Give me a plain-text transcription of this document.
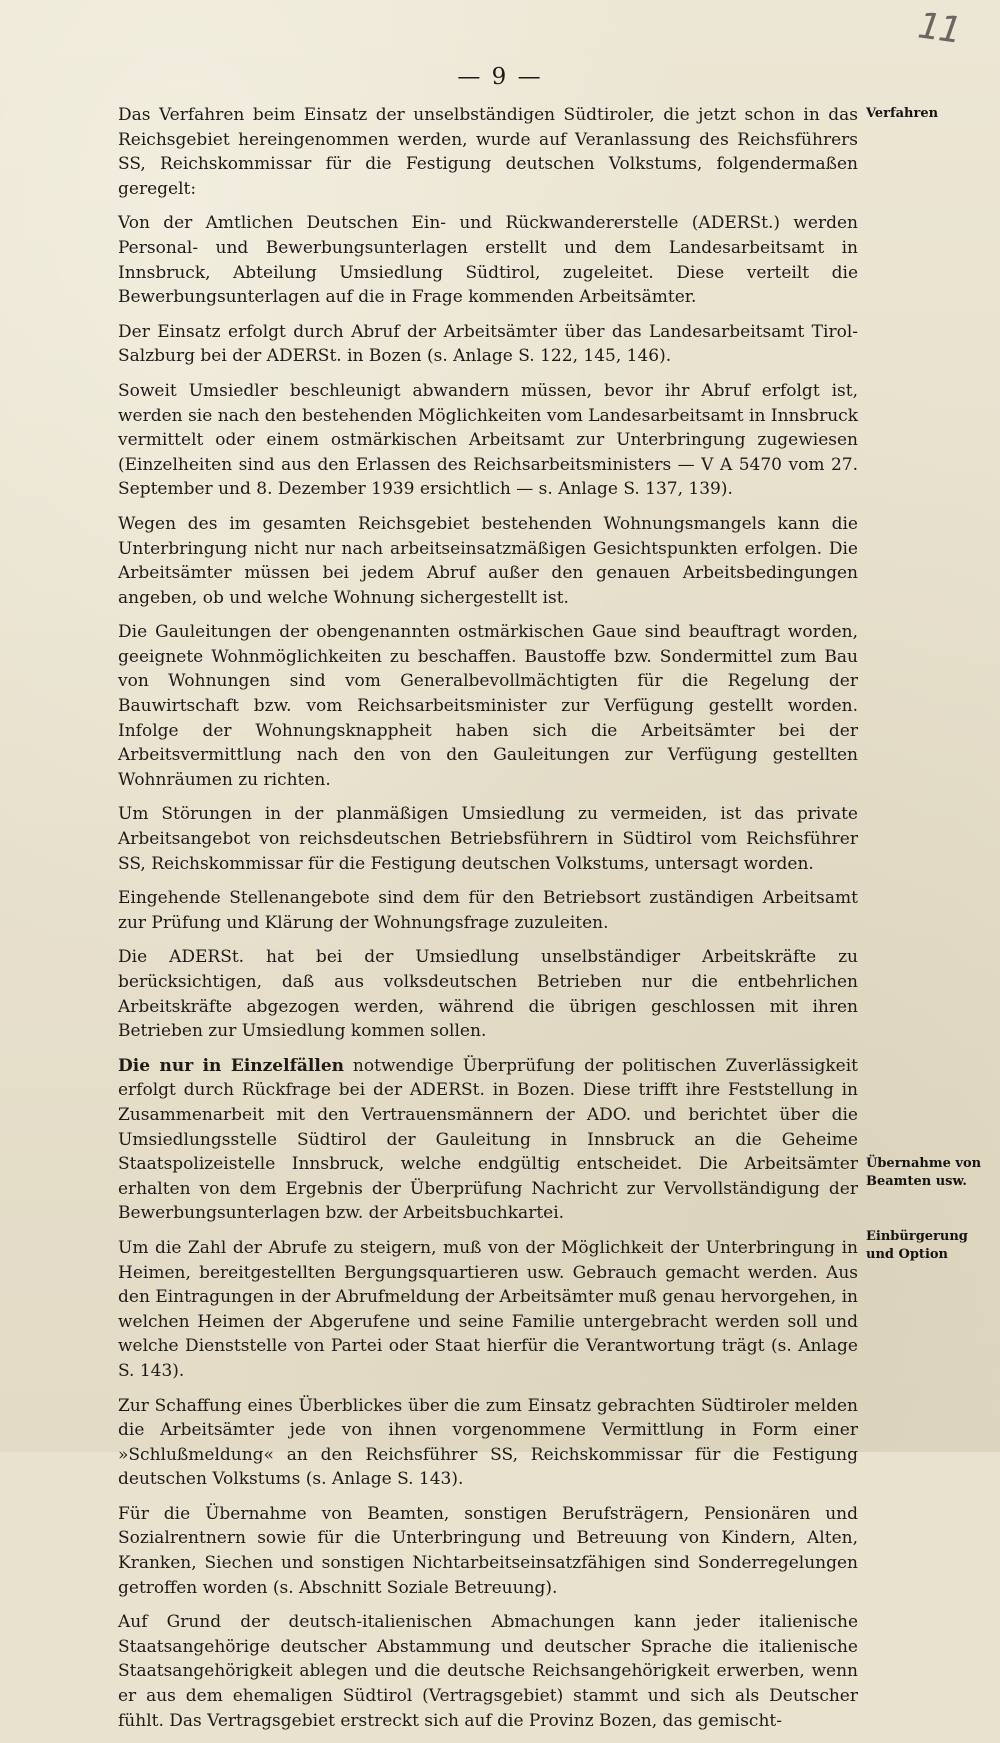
11
— 9 —

Das Verfahren beim Einsatz der unselbständigen Südtiroler, die jetzt schon in das Reichsgebiet hereingenommen werden, wurde auf Veranlassung des Reichsführers SS, Reichskommissar für die Festigung deutschen Volkstums, folgendermaßen geregelt:

Von der Amtlichen Deutschen Ein- und Rückwandererstelle (ADERSt.) werden Personal- und Bewerbungsunterlagen erstellt und dem Landesarbeitsamt in Innsbruck, Abteilung Umsiedlung Südtirol, zugeleitet. Diese verteilt die Bewerbungsunterlagen auf die in Frage kommenden Arbeitsämter.

Der Einsatz erfolgt durch Abruf der Arbeitsämter über das Landesarbeitsamt Tirol-Salzburg bei der ADERSt. in Bozen (s. Anlage S. 122, 145, 146).

Soweit Umsiedler beschleunigt abwandern müssen, bevor ihr Abruf erfolgt ist, werden sie nach den bestehenden Möglichkeiten vom Landesarbeitsamt in Innsbruck vermittelt oder einem ostmärkischen Arbeitsamt zur Unterbringung zugewiesen (Einzelheiten sind aus den Erlassen des Reichsarbeitsministers — V A 5470 vom 27. September und 8. Dezember 1939 ersichtlich — s. Anlage S. 137, 139).

Wegen des im gesamten Reichsgebiet bestehenden Wohnungsmangels kann die Unterbringung nicht nur nach arbeitseinsatzmäßigen Gesichtspunkten erfolgen. Die Arbeitsämter müssen bei jedem Abruf außer den genauen Arbeitsbedingungen angeben, ob und welche Wohnung sichergestellt ist.

Die Gauleitungen der obengenannten ostmärkischen Gaue sind beauftragt worden, geeignete Wohnmöglichkeiten zu beschaffen. Baustoffe bzw. Sondermittel zum Bau von Wohnungen sind vom Generalbevollmächtigten für die Regelung der Bauwirtschaft bzw. vom Reichsarbeitsminister zur Verfügung gestellt worden. Infolge der Wohnungsknappheit haben sich die Arbeitsämter bei der Arbeitsvermittlung nach den von den Gauleitungen zur Verfügung gestellten Wohnräumen zu richten.

Um Störungen in der planmäßigen Umsiedlung zu vermeiden, ist das private Arbeitsangebot von reichsdeutschen Betriebsführern in Südtirol vom Reichsführer SS, Reichskommissar für die Festigung deutschen Volkstums, untersagt worden.

Eingehende Stellenangebote sind dem für den Betriebsort zuständigen Arbeitsamt zur Prüfung und Klärung der Wohnungsfrage zuzuleiten.

Die ADERSt. hat bei der Umsiedlung unselbständiger Arbeitskräfte zu berücksichtigen, daß aus volksdeutschen Betrieben nur die entbehrlichen Arbeitskräfte abgezogen werden, während die übrigen geschlossen mit ihren Betrieben zur Umsiedlung kommen sollen.

Die nur in Einzelfällen notwendige Überprüfung der politischen Zuverlässigkeit erfolgt durch Rückfrage bei der ADERSt. in Bozen. Diese trifft ihre Feststellung in Zusammenarbeit mit den Vertrauensmännern der ADO. und berichtet über die Umsiedlungsstelle Südtirol der Gauleitung in Innsbruck an die Geheime Staatspolizeistelle Innsbruck, welche endgültig entscheidet. Die Arbeitsämter erhalten von dem Ergebnis der Überprüfung Nachricht zur Vervollständigung der Bewerbungsunterlagen bzw. der Arbeitsbuchkartei.

Um die Zahl der Abrufe zu steigern, muß von der Möglichkeit der Unterbringung in Heimen, bereitgestellten Bergungsquartieren usw. Gebrauch gemacht werden. Aus den Eintragungen in der Abrufmeldung der Arbeitsämter muß genau hervorgehen, in welchen Heimen der Abgerufene und seine Familie untergebracht werden soll und welche Dienststelle von Partei oder Staat hierfür die Verantwortung trägt (s. Anlage S. 143).

Zur Schaffung eines Überblickes über die zum Einsatz gebrachten Südtiroler melden die Arbeitsämter jede von ihnen vorgenommene Vermittlung in Form einer »Schlußmeldung« an den Reichsführer SS, Reichskommissar für die Festigung deutschen Volkstums (s. Anlage S. 143).

Für die Übernahme von Beamten, sonstigen Berufsträgern, Pensionären und Sozialrentnern sowie für die Unterbringung und Betreuung von Kindern, Alten, Kranken, Siechen und sonstigen Nichtarbeitseinsatzfähigen sind Sonderregelungen getroffen worden (s. Abschnitt Soziale Betreuung).

Auf Grund der deutsch-italienischen Abmachungen kann jeder italienische Staatsangehörige deutscher Abstammung und deutscher Sprache die italienische Staatsangehörigkeit ablegen und die deutsche Reichsangehörigkeit erwerben, wenn er aus dem ehemaligen Südtirol (Vertragsgebiet) stammt und sich als Deutscher fühlt. Das Vertragsgebiet erstreckt sich auf die Provinz Bozen, das gemischt-

Verfahren
Übernahme von
Beamten usw.
Einbürgerung
und Option
